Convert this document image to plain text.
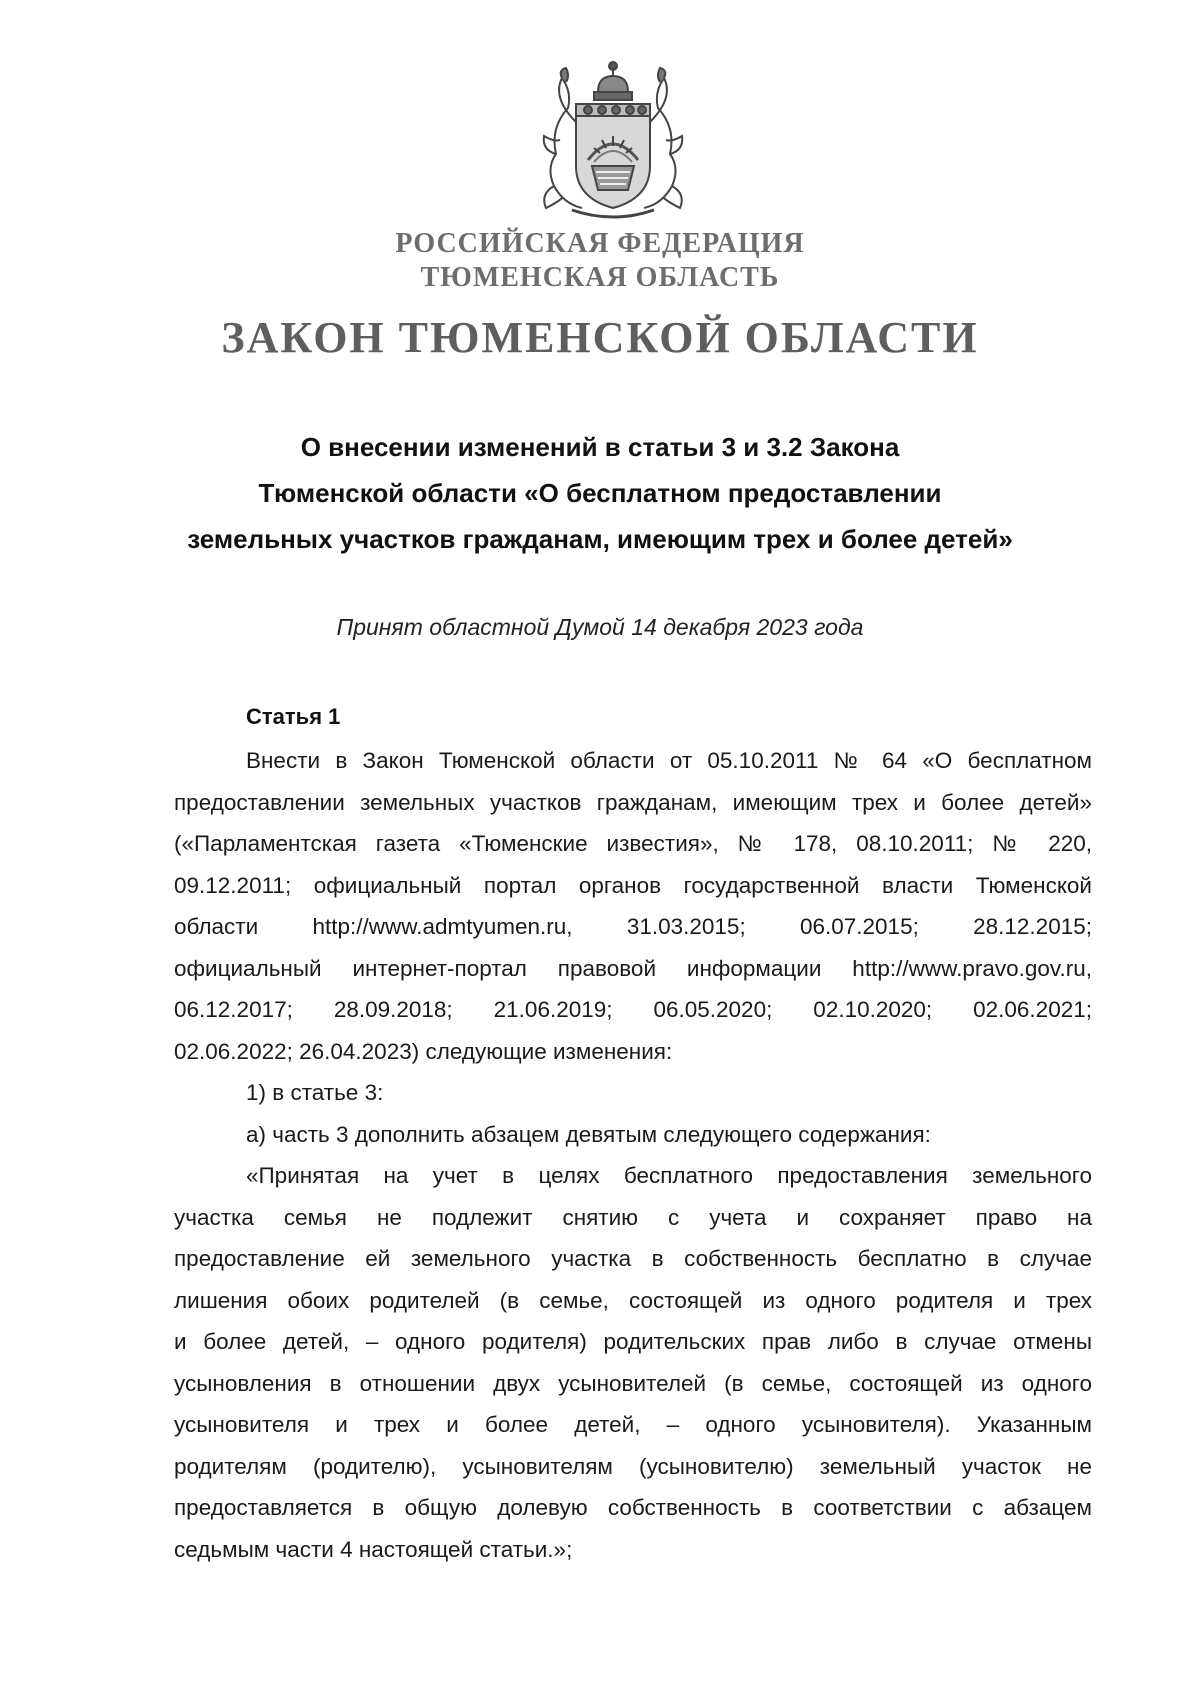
РОССИЙСКАЯ ФЕДЕРАЦИЯ
ТЮМЕНСКАЯ ОБЛАСТЬ
ЗАКОН ТЮМЕНСКОЙ ОБЛАСТИ
О внесении изменений в статьи 3 и 3.2 Закона
Тюменской области «О бесплатном предоставлении
земельных участков гражданам, имеющим трех и более детей»
Принят областной Думой 14 декабря 2023 года
Статья 1

Внести в Закон Тюменской области от 05.10.2011 № 64 «О бесплатном

предоставлении земельных участков гражданам, имеющим трех и более детей»

(«Парламентская газета «Тюменские известия», № 178, 08.10.2011; № 220,

09.12.2011; официальный портал органов государственной власти Тюменской

области http://www.admtyumen.ru, 31.03.2015; 06.07.2015; 28.12.2015;

официальный интернет-портал правовой информации http://www.pravo.gov.ru,

06.12.2017; 28.09.2018; 21.06.2019; 06.05.2020; 02.10.2020; 02.06.2021;

02.06.2022; 26.04.2023) следующие изменения:

1) в статье 3:

а) часть 3 дополнить абзацем девятым следующего содержания:

«Принятая на учет в целях бесплатного предоставления земельного

участка семья не подлежит снятию с учета и сохраняет право на

предоставление ей земельного участка в собственность бесплатно в случае

лишения обоих родителей (в семье, состоящей из одного родителя и трех

и более детей, – одного родителя) родительских прав либо в случае отмены

усыновления в отношении двух усыновителей (в семье, состоящей из одного

усыновителя и трех и более детей, – одного усыновителя). Указанным

родителям (родителю), усыновителям (усыновителю) земельный участок не

предоставляется в общую долевую собственность в соответствии с абзацем

седьмым части 4 настоящей статьи.»;
